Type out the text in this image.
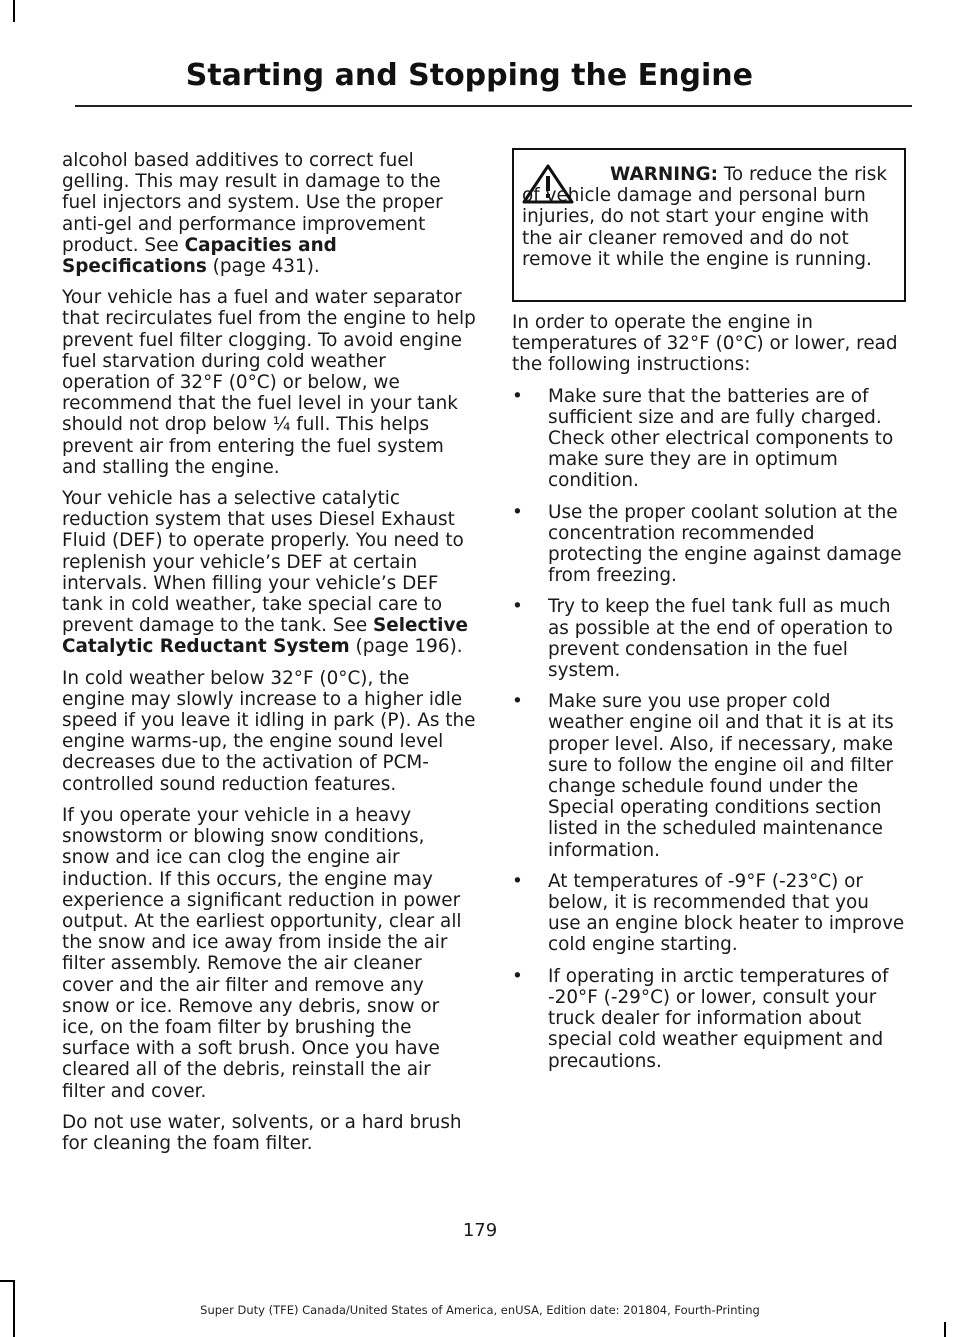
Starting and Stopping the Engine

alcohol based additives to correct fuel gelling. This may result in damage to the fuel injectors and system. Use the proper anti-gel and performance improvement product. See Capacities and Specifications (page 431).

Your vehicle has a fuel and water separator that recirculates fuel from the engine to help prevent fuel filter clogging. To avoid engine fuel starvation during cold weather operation of 32°F (0°C) or below, we recommend that the fuel level in your tank should not drop below ¼ full. This helps prevent air from entering the fuel system and stalling the engine.

Your vehicle has a selective catalytic reduction system that uses Diesel Exhaust Fluid (DEF) to operate properly. You need to replenish your vehicle’s DEF at certain intervals. When filling your vehicle’s DEF tank in cold weather, take special care to prevent damage to the tank. See Selective Catalytic Reductant System (page 196).

In cold weather below 32°F (0°C), the engine may slowly increase to a higher idle speed if you leave it idling in park (P). As the engine warms-up, the engine sound level decreases due to the activation of PCM-controlled sound reduction features.

If you operate your vehicle in a heavy snowstorm or blowing snow conditions, snow and ice can clog the engine air induction. If this occurs, the engine may experience a significant reduction in power output. At the earliest opportunity, clear all the snow and ice away from inside the air filter assembly. Remove the air cleaner cover and the air filter and remove any snow or ice. Remove any debris, snow or ice, on the foam filter by brushing the surface with a soft brush. Once you have cleared all of the debris, reinstall the air filter and cover.

Do not use water, solvents, or a hard brush for cleaning the foam filter.

WARNING: To reduce the risk of vehicle damage and personal burn injuries, do not start your engine with the air cleaner removed and do not remove it while the engine is running.

In order to operate the engine in temperatures of 32°F (0°C) or lower, read the following instructions:

• Make sure that the batteries are of sufficient size and are fully charged. Check other electrical components to make sure they are in optimum condition.
• Use the proper coolant solution at the concentration recommended protecting the engine against damage from freezing.
• Try to keep the fuel tank full as much as possible at the end of operation to prevent condensation in the fuel system.
• Make sure you use proper cold weather engine oil and that it is at its proper level. Also, if necessary, make sure to follow the engine oil and filter change schedule found under the Special operating conditions section listed in the scheduled maintenance information.
• At temperatures of -9°F (-23°C) or below, it is recommended that you use an engine block heater to improve cold engine starting.
• If operating in arctic temperatures of -20°F (-29°C) or lower, consult your truck dealer for information about special cold weather equipment and precautions.
179
Super Duty (TFE) Canada/United States of America, enUSA, Edition date: 201804, Fourth-Printing
